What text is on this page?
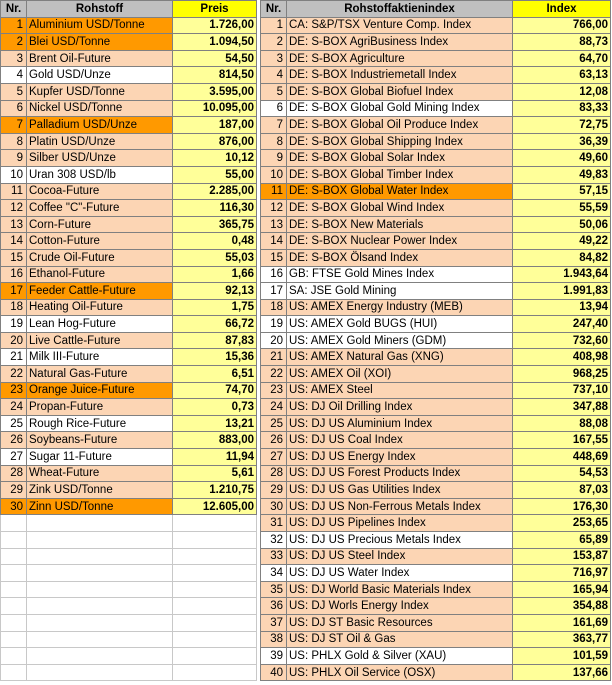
Nr.	Rohstoff	Preis
1	Aluminium USD/Tonne	1.726,00
2	Blei USD/Tonne	1.094,50
3	Brent Oil-Future	54,50
4	Gold USD/Unze	814,50
5	Kupfer USD/Tonne	3.595,00
6	Nickel USD/Tonne	10.095,00
7	Palladium USD/Unze	187,00
8	Platin USD/Unze	876,00
9	Silber USD/Unze	10,12
10	Uran 308 USD/lb	55,00
11	Cocoa-Future	2.285,00
12	Coffee "C"-Future	116,30
13	Corn-Future	365,75
14	Cotton-Future	0,48
15	Crude Oil-Future	55,03
16	Ethanol-Future	1,66
17	Feeder Cattle-Future	92,13
18	Heating Oil-Future	1,75
19	Lean Hog-Future	66,72
20	Live Cattle-Future	87,83
21	Milk III-Future	15,36
22	Natural Gas-Future	6,51
23	Orange Juice-Future	74,70
24	Propan-Future	0,73
25	Rough Rice-Future	13,21
26	Soybeans-Future	883,00
27	Sugar 11-Future	11,94
28	Wheat-Future	5,61
29	Zink USD/Tonne	1.210,75
30	Zinn USD/Tonne	12.605,00

Nr.	Rohstoffaktienindex	Index
1	CA: S&P/TSX Venture Comp. Index	766,00
2	DE: S-BOX AgriBusiness Index	88,73
3	DE: S-BOX Agriculture	64,70
4	DE: S-BOX Industriemetall Index	63,13
5	DE: S-BOX Global Biofuel Index	12,08
6	DE: S-BOX Global Gold Mining Index	83,33
7	DE: S-BOX Global Oil Produce Index	72,75
8	DE: S-BOX Global Shipping Index	36,39
9	DE: S-BOX Global Solar Index	49,60
10	DE: S-BOX Global Timber Index	49,83
11	DE: S-BOX Global Water Index	57,15
12	DE: S-BOX Global Wind Index	55,59
13	DE: S-BOX New Materials	50,06
14	DE: S-BOX Nuclear Power Index	49,22
15	DE: S-BOX Ölsand Index	84,82
16	GB: FTSE Gold Mines Index	1.943,64
17	SA: JSE Gold Mining	1.991,83
18	US: AMEX Energy Industry (MEB)	13,94
19	US: AMEX Gold BUGS (HUI)	247,40
20	US: AMEX Gold Miners (GDM)	732,60
21	US: AMEX Natural Gas (XNG)	408,98
22	US: AMEX Oil (XOI)	968,25
23	US: AMEX Steel	737,10
24	US: DJ Oil Drilling Index	347,88
25	US: DJ US Aluminium Index	88,08
26	US: DJ US Coal Index	167,55
27	US: DJ US Energy Index	448,69
28	US: DJ US Forest Products Index	54,53
29	US: DJ US Gas Utilities Index	87,03
30	US: DJ US Non-Ferrous Metals Index	176,30
31	US: DJ US Pipelines Index	253,65
32	US: DJ US Precious Metals Index	65,89
33	US: DJ US Steel Index	153,87
34	US: DJ US Water Index	716,97
35	US: DJ World Basic Materials Index	165,94
36	US: DJ Worls Energy Index	354,88
37	US: DJ ST Basic Resources	161,69
38	US: DJ ST Oil & Gas	363,77
39	US: PHLX Gold & Silver (XAU)	101,59
40	US: PHLX Oil Service (OSX)	137,66
